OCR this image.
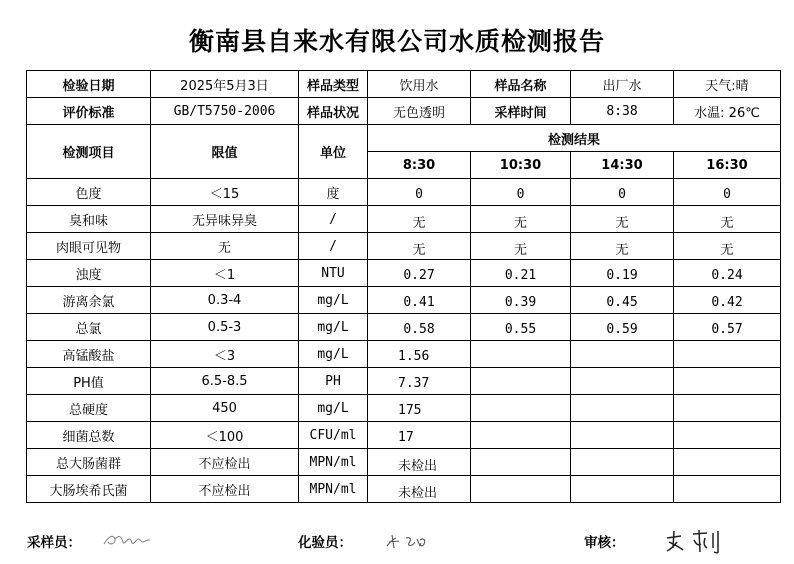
衡南县自来水有限公司水质检测报告
检验日期	2025年5月3日	样品类型	饮用水	样品名称	出厂水	天气:晴
评价标准	GB/T5750-2006	样品状况	无色透明	采样时间	8:38	水温: 26℃
检测项目	限值	单位	检测结果			
			8:30	10:30	14:30	16:30
色度	＜15	度	0	0	0	0
臭和味	无异味异臭	/	无	无	无	无
肉眼可见物	无	/	无	无	无	无
浊度	＜1	NTU	0.27	0.21	0.19	0.24
游离余氯	0.3-4	mg/L	0.41	0.39	0.45	0.42
总氯	0.5-3	mg/L	0.58	0.55	0.59	0.57
高锰酸盐	＜3	mg/L	1.56			
PH值	6.5-8.5	PH	7.37			
总硬度	450	mg/L	175			
细菌总数	＜100	CFU/ml	17			
总大肠菌群	不应检出	MPN/ml	未检出			
大肠埃希氏菌	不应检出	MPN/ml	未检出			
采样员：	化验员：	审核：
